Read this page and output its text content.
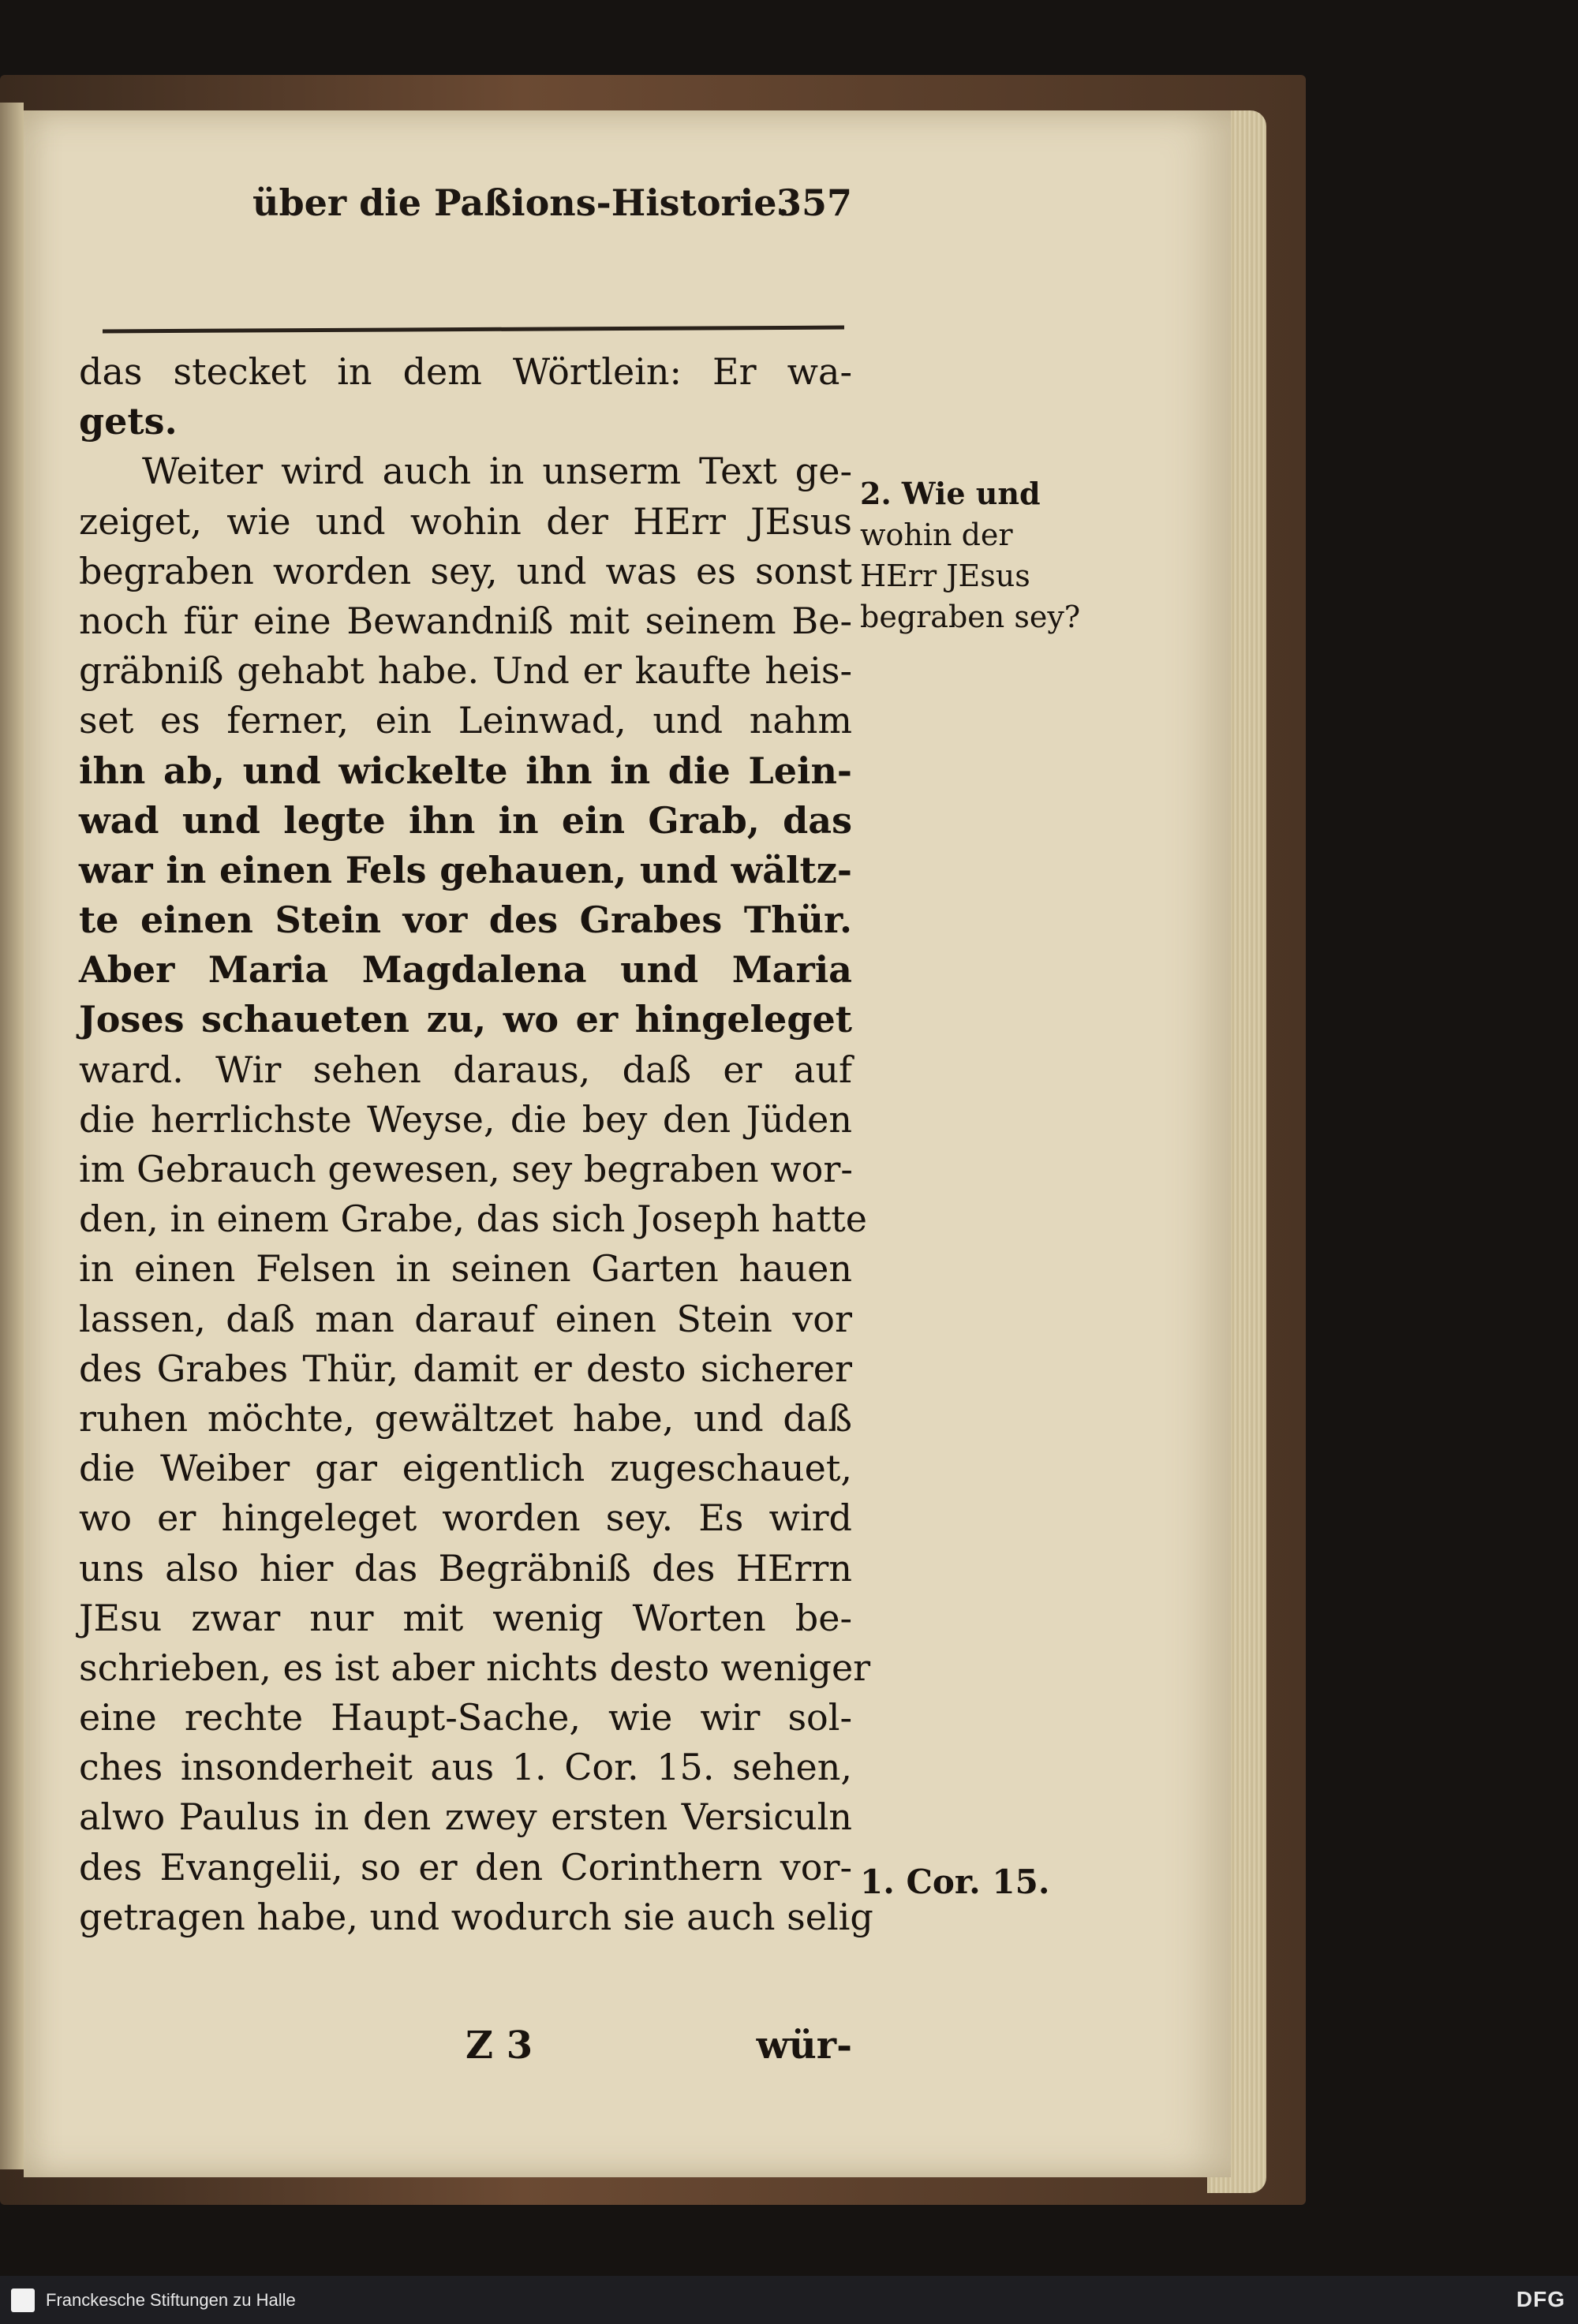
über die Paßions-Historie.
357
das stecket in dem Wörtlein: Er wa-
gets.
Weiter wird auch in unserm Text ge-
zeiget, wie und wohin der HErr JEsus
begraben worden sey, und was es sonst
noch für eine Bewandniß mit seinem Be-
gräbniß gehabt habe. Und er kaufte heis-
set es ferner, ein Leinwad, und nahm
ihn ab, und wickelte ihn in die Lein-
wad und legte ihn in ein Grab, das
war in einen Fels gehauen, und wältz-
te einen Stein vor des Grabes Thür.
Aber Maria Magdalena und Maria
Joses schaueten zu, wo er hingeleget
ward. Wir sehen daraus, daß er auf
die herrlichste Weyse, die bey den Jüden
im Gebrauch gewesen, sey begraben wor-
den, in einem Grabe, das sich Joseph hatte
in einen Felsen in seinen Garten hauen
lassen, daß man darauf einen Stein vor
des Grabes Thür, damit er desto sicherer
ruhen möchte, gewältzet habe, und daß
die Weiber gar eigentlich zugeschauet,
wo er hingeleget worden sey. Es wird
uns also hier das Begräbniß des HErrn
JEsu zwar nur mit wenig Worten be-
schrieben, es ist aber nichts desto weniger
eine rechte Haupt-Sache, wie wir sol-
ches insonderheit aus 1. Cor. 15. sehen,
alwo Paulus in den zwey ersten Versiculn
des Evangelii, so er den Corinthern vor-
getragen habe, und wodurch sie auch selig
2. Wie und
wohin der
HErr JEsus
begraben sey?
1. Cor. 15.
Z 3	wür-
Franckesche Stiftungen zu Halle	DFG
